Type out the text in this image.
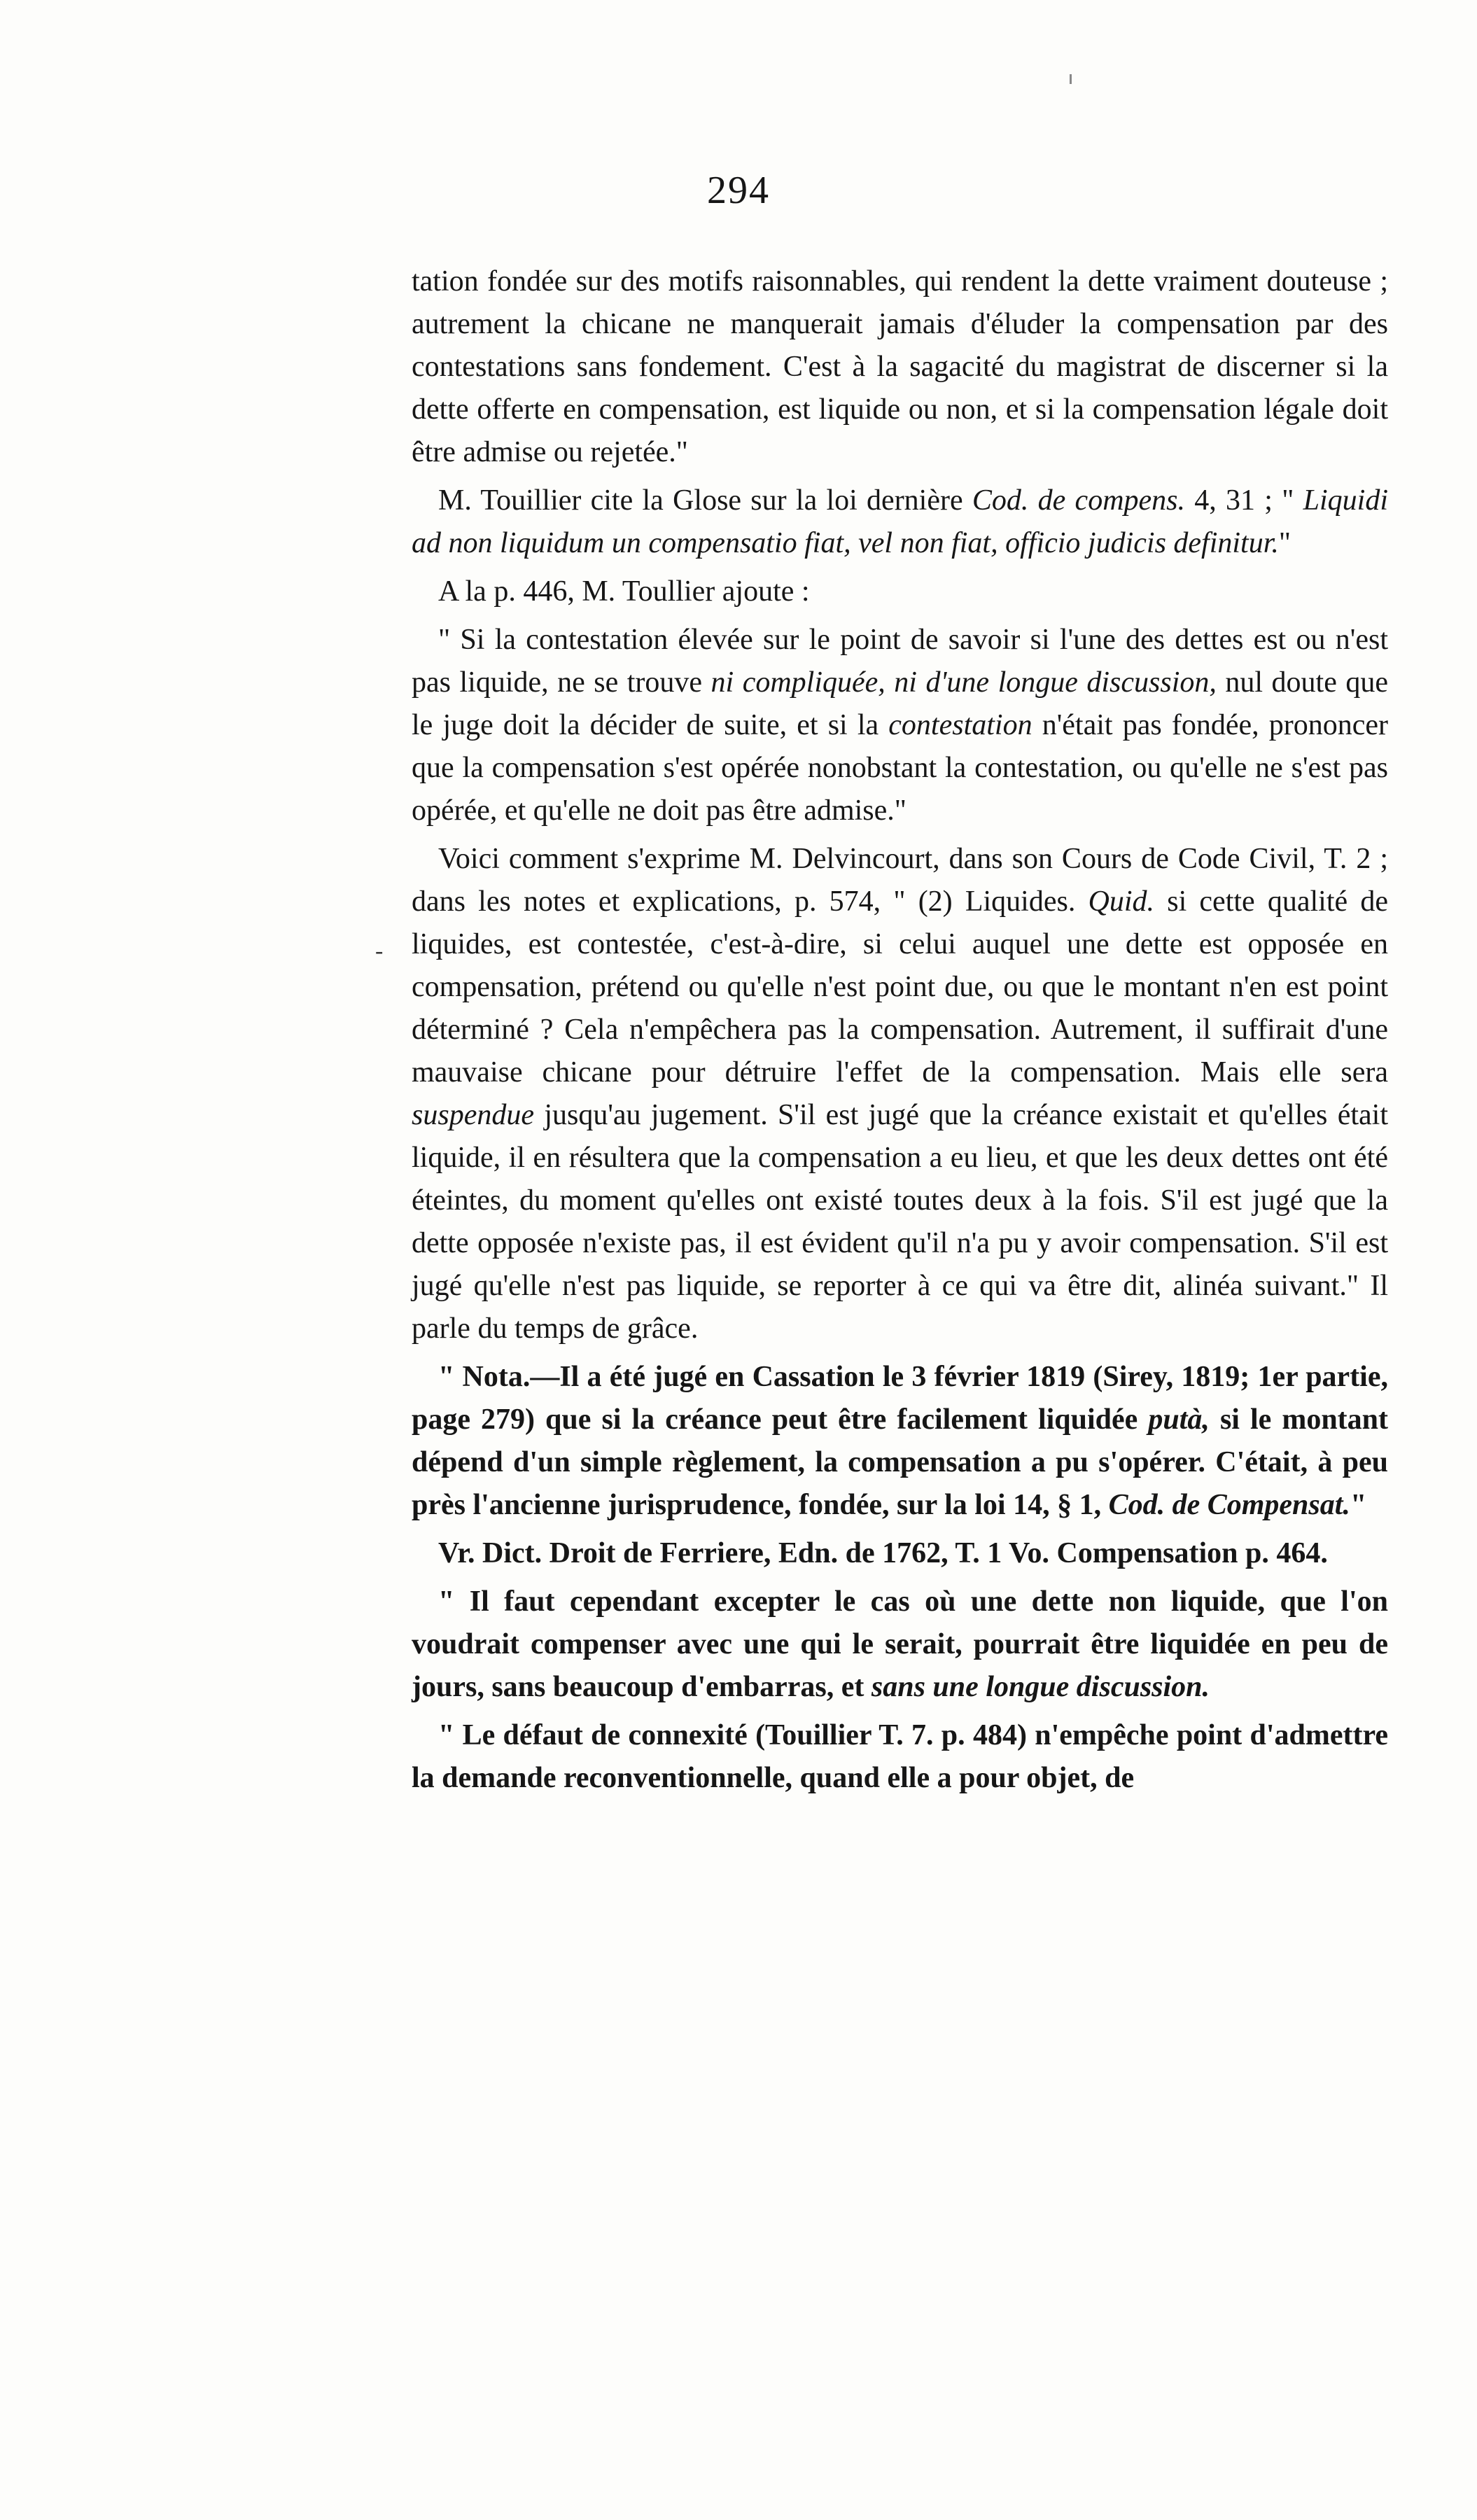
294
-

tation fondée sur des motifs raisonnables, qui rendent la dette vraiment douteuse ; autrement la chicane ne manquerait jamais d'éluder la compensation par des contestations sans fondement. C'est à la sagacité du magistrat de discerner si la dette offerte en compensation, est liquide ou non, et si la compensation légale doit être admise ou rejetée."

M. Touillier cite la Glose sur la loi dernière Cod. de compens. 4, 31 ; " Liquidi ad non liquidum un compensatio fiat, vel non fiat, officio judicis definitur."

A la p. 446, M. Toullier ajoute :

" Si la contestation élevée sur le point de savoir si l'une des dettes est ou n'est pas liquide, ne se trouve ni compliquée, ni d'une longue discussion, nul doute que le juge doit la décider de suite, et si la contestation n'était pas fondée, prononcer que la compensation s'est opérée nonobstant la contestation, ou qu'elle ne s'est pas opérée, et qu'elle ne doit pas être admise."

Voici comment s'exprime M. Delvincourt, dans son Cours de Code Civil, T. 2 ; dans les notes et explications, p. 574, " (2) Liquides. Quid. si cette qualité de liquides, est contestée, c'est-à-dire, si celui auquel une dette est opposée en compensation, prétend ou qu'elle n'est point due, ou que le montant n'en est point déterminé ? Cela n'empêchera pas la compensation. Autrement, il suffirait d'une mauvaise chicane pour détruire l'effet de la compensation. Mais elle sera suspendue jusqu'au jugement. S'il est jugé que la créance existait et qu'elles était liquide, il en résultera que la compensation a eu lieu, et que les deux dettes ont été éteintes, du moment qu'elles ont existé toutes deux à la fois. S'il est jugé que la dette opposée n'existe pas, il est évident qu'il n'a pu y avoir compensation. S'il est jugé qu'elle n'est pas liquide, se reporter à ce qui va être dit, alinéa suivant." Il parle du temps de grâce.

" Nota.—Il a été jugé en Cassation le 3 février 1819 (Sirey, 1819; 1er partie, page 279) que si la créance peut être facilement liquidée putà, si le montant dépend d'un simple règlement, la compensation a pu s'opérer. C'était, à peu près l'ancienne jurisprudence, fondée, sur la loi 14, § 1, Cod. de Compensat."

Vr. Dict. Droit de Ferriere, Edn. de 1762, T. 1 Vo. Compensation p. 464.

" Il faut cependant excepter le cas où une dette non liquide, que l'on voudrait compenser avec une qui le serait, pourrait être liquidée en peu de jours, sans beaucoup d'embarras, et sans une longue discussion.

" Le défaut de connexité (Touillier T. 7. p. 484) n'empêche point d'admettre la demande reconventionnelle, quand elle a pour objet, de
